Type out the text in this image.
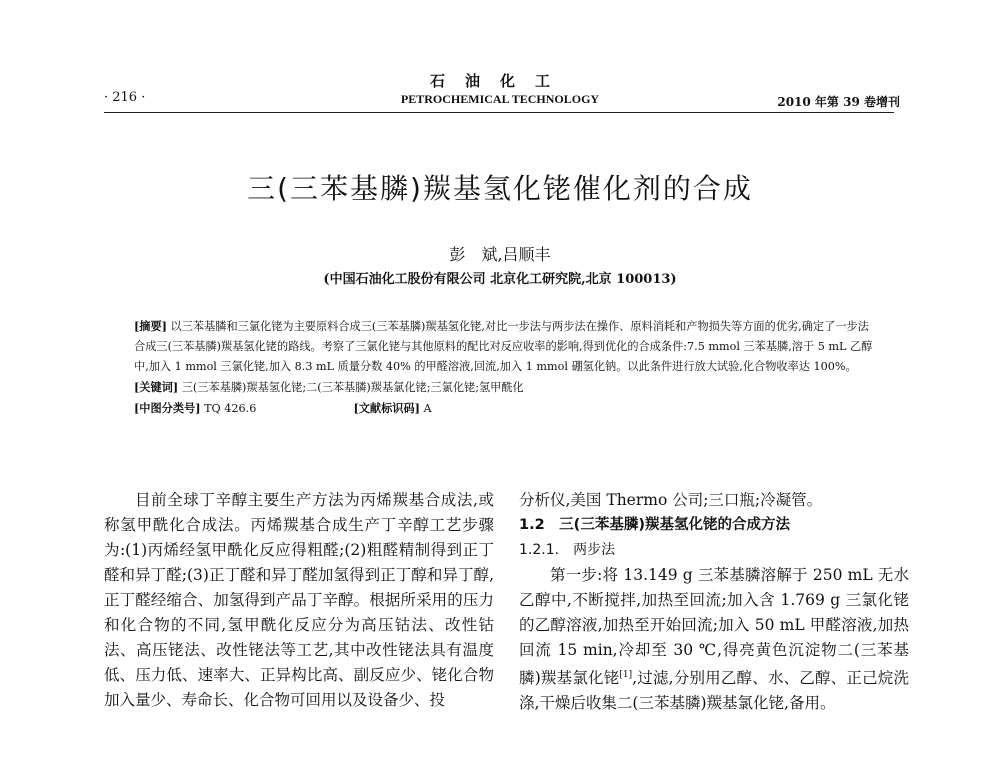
石油化工
· 216 ·	PETROCHEMICAL TECHNOLOGY	2010 年第 39 卷增刊
三(三苯基膦)羰基氢化铑催化剂的合成
彭　斌,吕顺丰
(中国石油化工股份有限公司 北京化工研究院,北京 100013)

[摘要] 以三苯基膦和三氯化铑为主要原料合成三(三苯基膦)羰基氢化铑,对比一步法与两步法在操作、原料消耗和产物损失等方面的优劣,确定了一步法合成三(三苯基膦)羰基氢化铑的路线。考察了三氯化铑与其他原料的配比对反应收率的影响,得到优化的合成条件:7.5 mmol 三苯基膦,溶于 5 mL 乙醇中,加入 1 mmol 三氯化铑,加入 8.3 mL 质量分数 40% 的甲醛溶液,回流,加入 1 mmol 硼氢化钠。以此条件进行放大试验,化合物收率达 100%。

[关键词] 三(三苯基膦)羰基氢化铑;二(三苯基膦)羰基氯化铑;三氯化铑;氢甲酰化

[中图分类号] TQ 426.6	[文献标识码] A

目前全球丁辛醇主要生产方法为丙烯羰基合成法,或称氢甲酰化合成法。丙烯羰基合成生产丁辛醇工艺步骤为:(1)丙烯经氢甲酰化反应得粗醛;(2)粗醛精制得到正丁醛和异丁醛;(3)正丁醛和异丁醛加氢得到正丁醇和异丁醇,正丁醛经缩合、加氢得到产品丁辛醇。根据所采用的压力和化合物的不同,氢甲酰化反应分为高压钴法、改性钴法、高压铑法、改性铑法等工艺,其中改性铑法具有温度低、压力低、速率大、正异构比高、副反应少、铑化合物加入量少、寿命长、化合物可回用以及设备少、投

分析仪,美国 Thermo 公司;三口瓶;冷凝管。

1.2　三(三苯基膦)羰基氢化铑的合成方法

1.2.1.　两步法

第一步:将 13.149 g 三苯基膦溶解于 250 mL 无水乙醇中,不断搅拌,加热至回流;加入含 1.769 g 三氯化铑的乙醇溶液,加热至开始回流;加入 50 mL 甲醛溶液,加热回流 15 min,冷却至 30 ℃,得亮黄色沉淀物二(三苯基膦)羰基氯化铑[1],过滤,分别用乙醇、水、乙醇、正己烷洗涤,干燥后收集二(三苯基膦)羰基氯化铑,备用。
